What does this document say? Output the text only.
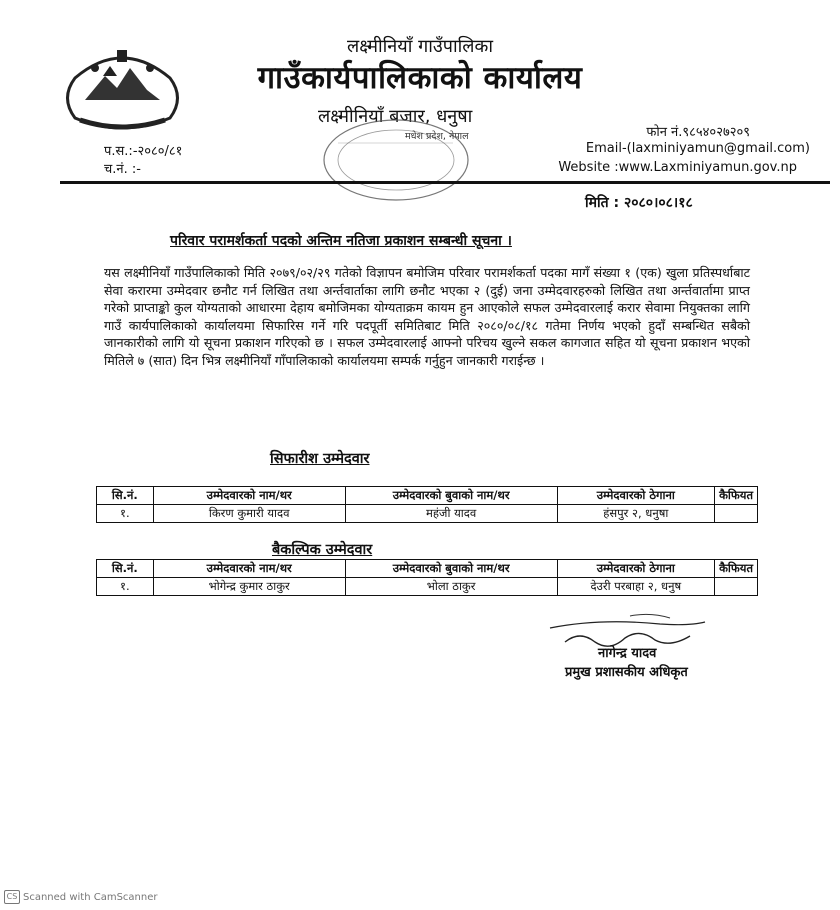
लक्ष्मीनियाँ गाउँपालिका
गाउँकार्यपालिकाको कार्यालय
लक्ष्मीनियाँ बजार, धनुषा
मधेश प्रदेश, नेपाल
प.स.:-२०८०/८१
च.नं. :-
फोन नं.९८५४०२७२०९
Email-(laxminiyamun@gmail.com)
Website :www.Laxminiyamun.gov.np
मिति : २०८०।०८।१८
परिवार परामर्शकर्ता पदको अन्तिम नतिजा प्रकाशन सम्बन्धी सूचना ।
यस लक्ष्मीनियाँ गाउँपालिकाको मिति २०७९/०२/२९ गतेको विज्ञापन बमोजिम परिवार परामर्शकर्ता पदका मागँ संख्या १ (एक) खुला प्रतिस्पर्धाबाट सेवा करारमा उम्मेदवार छनौट गर्न लिखित तथा अर्न्तवार्ताका लागि छनौट भएका २ (दुई) जना उम्मेदवारहरुको लिखित तथा अर्न्तवार्तामा प्राप्त गरेको प्राप्ताङ्को कुल योग्यताको आधारमा देहाय बमोजिमका योग्यताक्रम कायम हुन आएकोले सफल उम्मेदवारलाई करार सेवामा नियुक्तका लागि गाउँ कार्यपालिकाको कार्यालयमा सिफारिस गर्ने गरि पदपूर्ती समितिबाट मिति २०८०/०८/१८ गतेमा निर्णय भएको हुदाँ सम्बन्धित सबैको जानकारीको लागि यो सूचना प्रकाशन गरिएको छ । सफल उम्मेदवारलाई आफ्नो परिचय खुल्ने सकल कागजात सहित यो सूचना प्रकाशन भएको मितिले ७ (सात) दिन भित्र लक्ष्मीनियाँ गाँपालिकाको कार्यालयमा सम्पर्क गर्नुहुन जानकारी गराईन्छ ।
सिफारीश उम्मेदवार
सि.नं.	उम्मेदवारको नाम/थर	उम्मेदवारको बुवाको नाम/थर	उम्मेदवारको ठेगाना	कैफियत
१.	किरण कुमारी यादव	महंजी यादव	हंसपुर २, धनुषा	
बैकल्पिक उम्मेदवार
सि.नं.	उम्मेदवारको नाम/थर	उम्मेदवारको बुवाको नाम/थर	उम्मेदवारको ठेगाना	कैफियत
१.	भोगेन्द्र कुमार ठाकुर	भोला ठाकुर	देउरी परबाहा २, धनुष	
नागेन्द्र यादव
प्रमुख प्रशासकीय अधिकृत
CS Scanned with CamScanner
